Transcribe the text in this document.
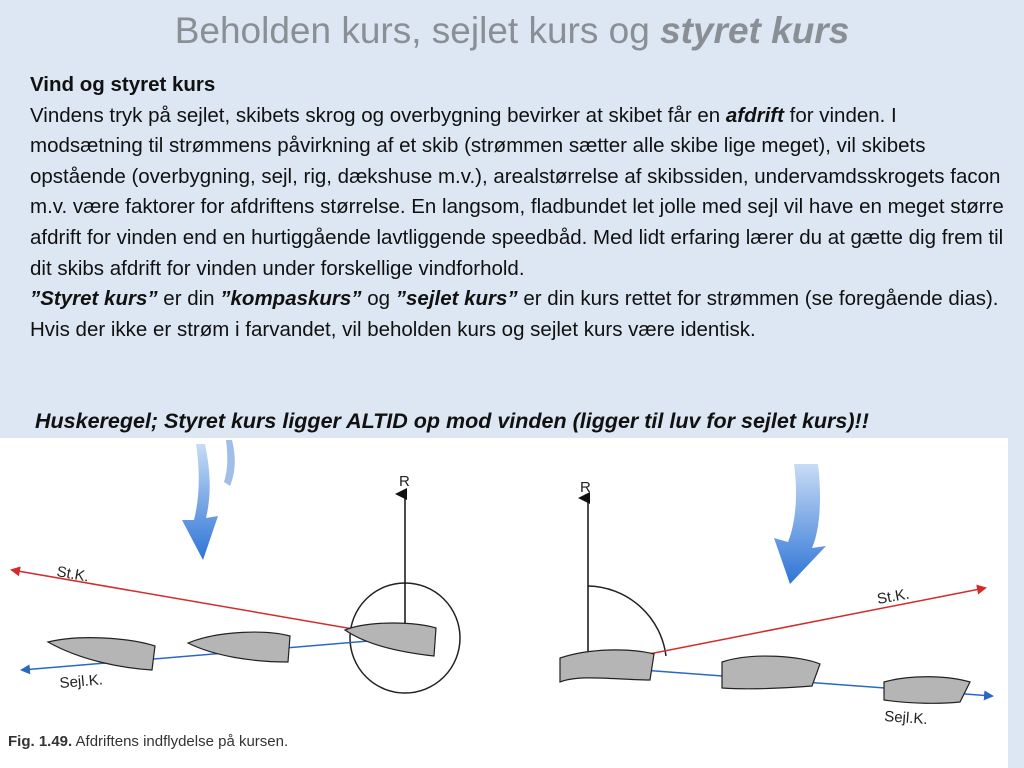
Beholden kurs, sejlet kurs og styret kurs
Vind og styret kurs
Vindens tryk på sejlet, skibets skrog og overbygning bevirker at skibet får en afdrift for vinden. I modsætning til strømmens påvirkning af et skib (strømmen sætter alle skibe lige meget), vil skibets opstående (overbygning, sejl, rig, dækshuse m.v.), arealstørrelse af skibssiden, undervamdsskrogets facon m.v. være faktorer for afdriftens størrelse. En langsom, fladbundet let jolle med sejl vil have en meget større afdrift for vinden end en hurtiggående lavtliggende speedbåd. Med lidt erfaring lærer du at gætte dig frem til dit skibs afdrift for vinden under forskellige vindforhold.
”Styret kurs” er din ”kompaskurs” og ”sejlet kurs” er din kurs rettet for strømmen (se foregående dias). Hvis der ikke er strøm i farvandet, vil beholden kurs og sejlet kurs være identisk.
Huskeregel; Styret kurs ligger ALTID op mod vinden (ligger til luv for sejlet kurs)!!
R
St.K.
Sejl.K.
R
St.K.
Sejl.K.
Fig. 1.49. Afdriftens indflydelse på kursen.
